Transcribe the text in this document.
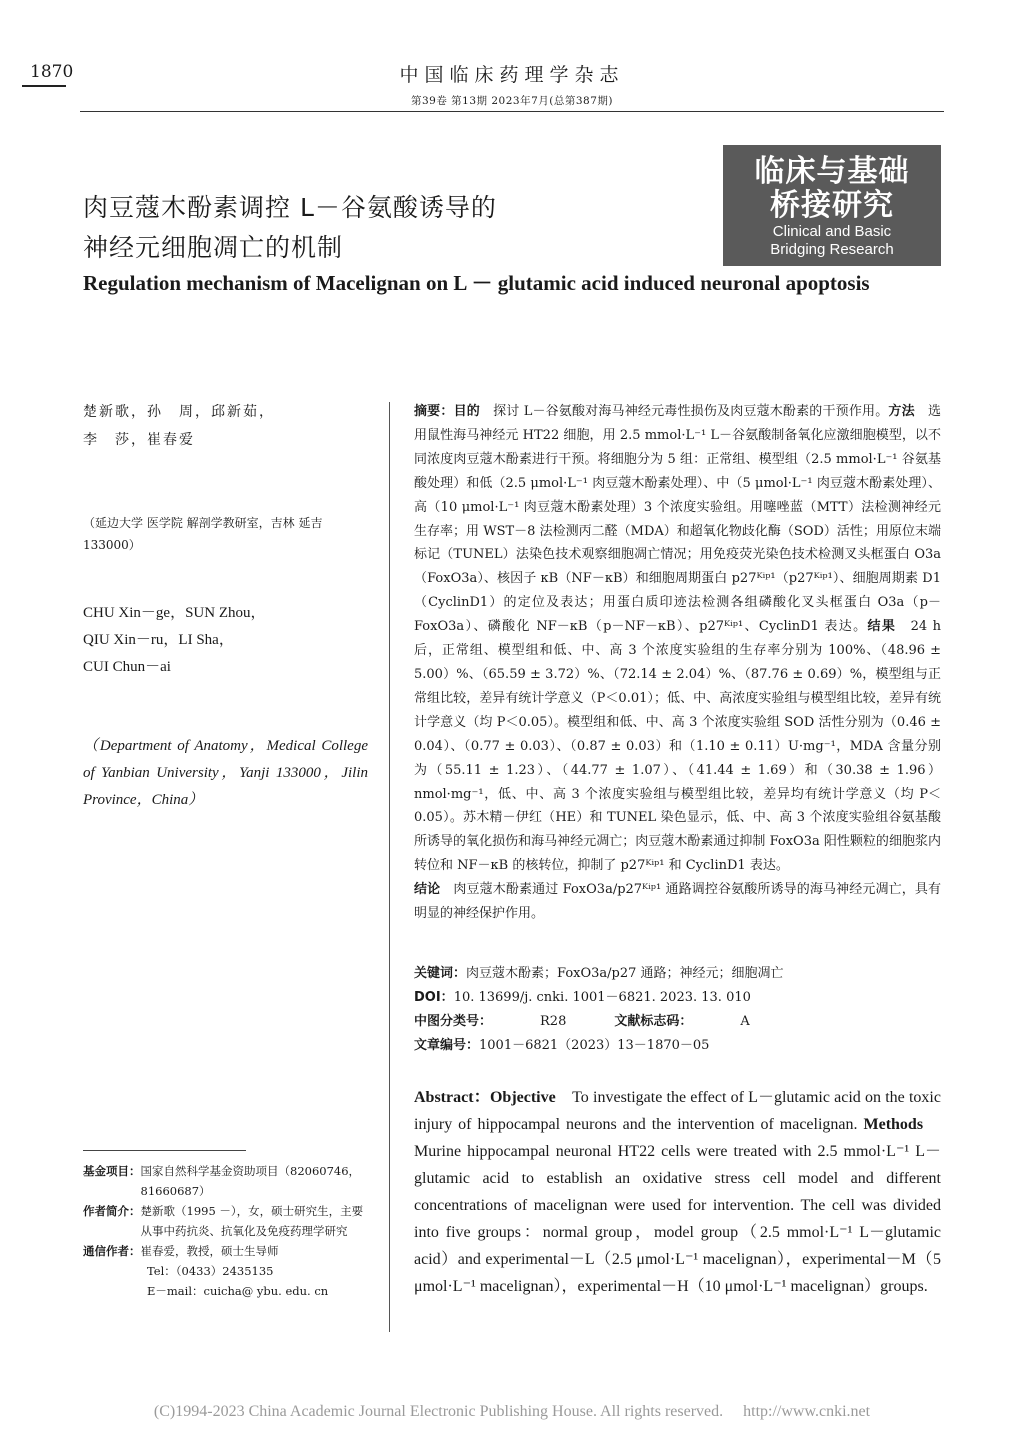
1870	中国临床药理学杂志
第39卷 第13期 2023年7月(总第387期)
临床与基础
桥接研究
Clinical and Basic
Bridging Research
肉豆蔻木酚素调控 L－谷氨酸诱导的
神经元细胞凋亡的机制
Regulation mechanism of Macelignan on L － glutamic acid induced neuronal apoptosis
楚新歌，孙　周，邱新茹，
李　莎，崔春爱
（延边大学 医学院 解剖学教研室，吉林 延吉 133000）
CHU Xin－ge，SUN Zhou，
QIU Xin－ru，LI Sha，
CUI Chun－ai
（Department of Anatomy，Medical College of Yanbian University，Yanji 133000，Jilin Province，China）
基金项目： 国家自然科学基金资助项目（82060746，81660687）
作者简介： 楚新歌（1995 －），女，硕士研究生，主要从事中药抗炎、抗氧化及免疫药理学研究
通信作者： 崔春爱，教授，硕士生导师
Tel：（0433）2435135
E－mail：cuicha@ ybu. edu. cn
摘要：目的　探讨 L－谷氨酸对海马神经元毒性损伤及肉豆蔻木酚素的干预作用。方法　选用鼠性海马神经元 HT22 细胞，用 2.5 mmol·L⁻¹ L－谷氨酸制备氧化应激细胞模型，以不同浓度肉豆蔻木酚素进行干预。将细胞分为 5 组：正常组、模型组（2.5 mmol·L⁻¹ 谷氨基酸处理）和低（2.5 μmol·L⁻¹ 肉豆蔻木酚素处理）、中（5 μmol·L⁻¹ 肉豆蔻木酚素处理）、高（10 μmol·L⁻¹ 肉豆蔻木酚素处理）3 个浓度实验组。用噻唑蓝（MTT）法检测神经元生存率；用 WST－8 法检测丙二醛（MDA）和超氧化物歧化酶（SOD）活性；用原位末端标记（TUNEL）法染色技术观察细胞凋亡情况；用免疫荧光染色技术检测叉头框蛋白 O3a（FoxO3a）、核因子 κB（NF－κB）和细胞周期蛋白 p27ᴷⁱᵖ¹（p27ᴷⁱᵖ¹）、细胞周期素 D1（CyclinD1）的定位及表达；用蛋白质印迹法检测各组磷酸化叉头框蛋白 O3a（p－FoxO3a）、磷酸化 NF－κB（p－NF－κB）、p27ᴷⁱᵖ¹、CyclinD1 表达。结果　24 h 后，正常组、模型组和低、中、高 3 个浓度实验组的生存率分别为 100%、（48.96 ± 5.00）%、（65.59 ± 3.72）%、（72.14 ± 2.04）%、（87.76 ± 0.69）%，模型组与正常组比较，差异有统计学意义（P＜0.01）；低、中、高浓度实验组与模型组比较，差异有统计学意义（均 P＜0.05）。模型组和低、中、高 3 个浓度实验组 SOD 活性分别为（0.46 ± 0.04）、（0.77 ± 0.03）、（0.87 ± 0.03）和（1.10 ± 0.11）U·mg⁻¹，MDA 含量分别为（55.11 ± 1.23）、（44.77 ± 1.07）、（41.44 ± 1.69）和（30.38 ± 1.96）nmol·mg⁻¹，低、中、高 3 个浓度实验组与模型组比较，差异均有统计学意义（均 P＜0.05）。苏木精－伊红（HE）和 TUNEL 染色显示，低、中、高 3 个浓度实验组谷氨基酸所诱导的氧化损伤和海马神经元凋亡；肉豆蔻木酚素通过抑制 FoxO3a 阳性颗粒的细胞浆内转位和 NF－κB 的核转位，抑制了 p27ᴷⁱᵖ¹ 和 CyclinD1 表达。
结论　肉豆蔻木酚素通过 FoxO3a/p27ᴷⁱᵖ¹ 通路调控谷氨酸所诱导的海马神经元凋亡，具有明显的神经保护作用。
关键词：肉豆蔻木酚素；FoxO3a/p27 通路；神经元；细胞凋亡
DOI：10. 13699/j. cnki. 1001－6821. 2023. 13. 010
中图分类号：	R28	文献标志码：	A
文章编号：1001－6821（2023）13－1870－05
Abstract：Objective　To investigate the effect of L－glutamic acid on the toxic injury of hippocampal neurons and the intervention of macelignan. Methods　Murine hippocampal neuronal HT22 cells were treated with 2.5 mmol·L⁻¹ L－glutamic acid to establish an oxidative stress cell model and different concentrations of macelignan were used for intervention. The cell was divided into five groups：normal group，model group（2.5 mmol·L⁻¹ L－glutamic acid）and experimental－L（2.5 μmol·L⁻¹ macelignan），experimental－M（5 μmol·L⁻¹ macelignan），experimental－H（10 μmol·L⁻¹ macelignan）groups.
(C)1994-2023 China Academic Journal Electronic Publishing House. All rights reserved.　 http://www.cnki.net
